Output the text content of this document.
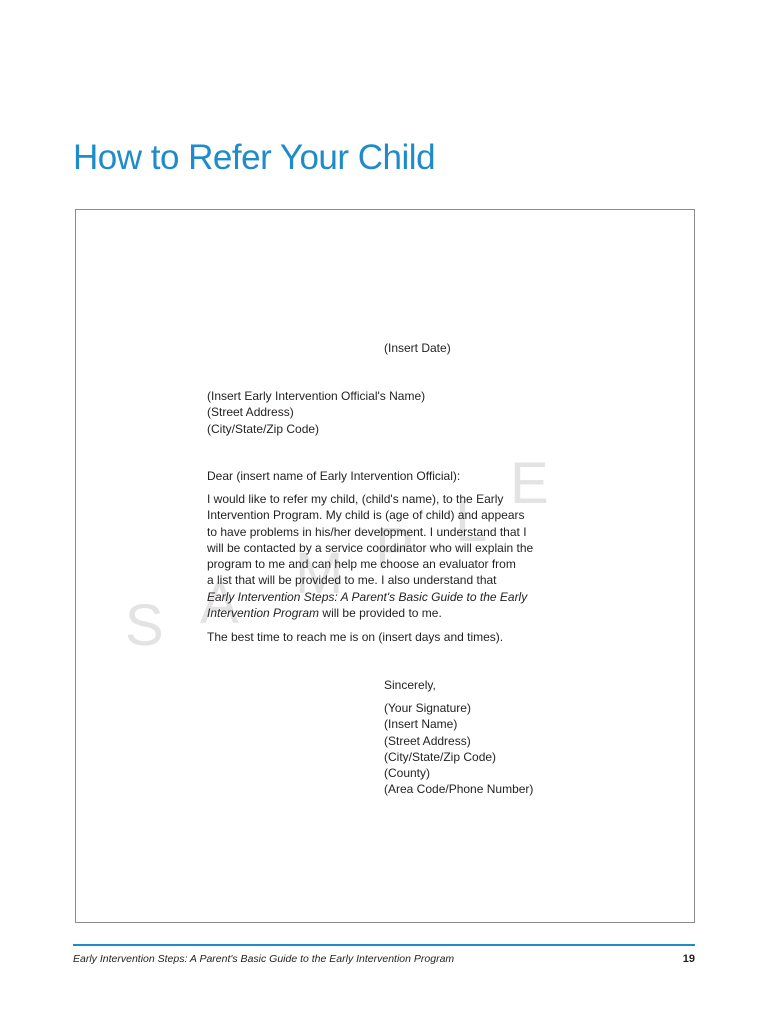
How to Refer Your Child
S A M P L
E
(Insert Date)

(Insert Early Intervention Official's Name)

(Street Address)

(City/State/Zip Code)

Dear (insert name of Early Intervention Official):

I would like to refer my child, (child's name), to the Early

Intervention Program. My child is (age of child) and appears

to have problems in his/her development. I understand that I

will be contacted by a service coordinator who will explain the

program to me and can help me choose an evaluator from

a list that will be provided to me. I also understand that

Early Intervention Steps: A Parent's Basic Guide to the Early

Intervention Program will be provided to me.

The best time to reach me is on (insert days and times).
Sincerely,

(Your Signature)

(Insert Name)

(Street Address)

(City/State/Zip Code)

(County)

(Area Code/Phone Number)

Early Intervention Steps: A Parent's Basic Guide to the Early Intervention Program	19
